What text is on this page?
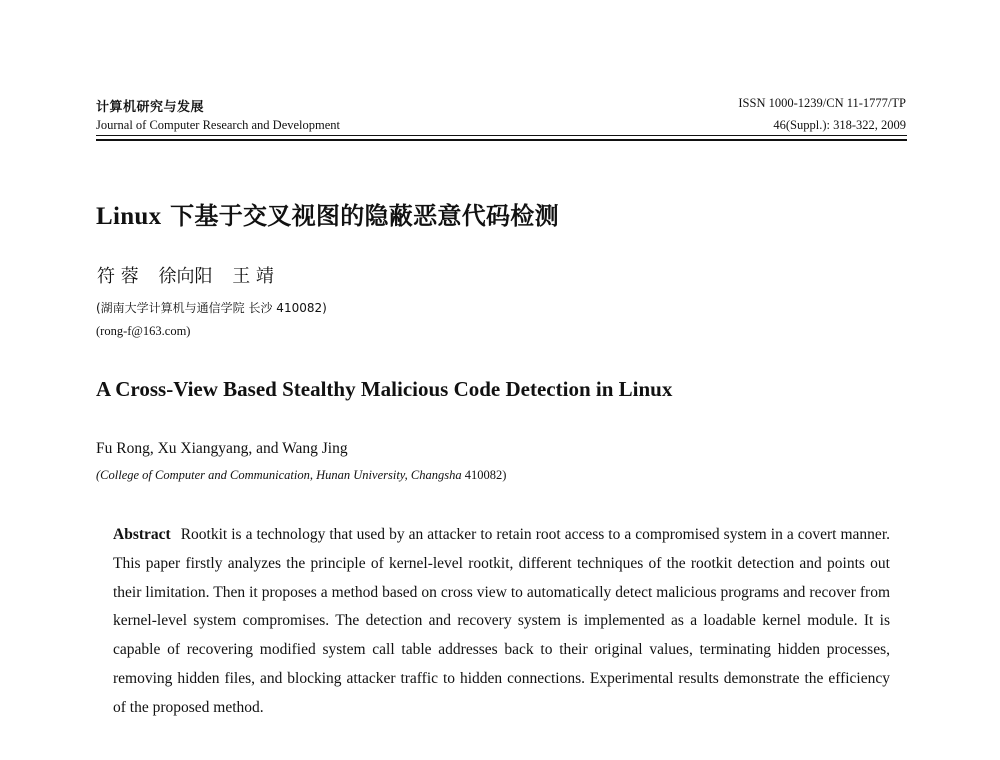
计算机研究与发展
Journal of Computer Research and Development
ISSN 1000-1239/CN 11-1777/TP
46(Suppl.): 318-322, 2009
Linux 下基于交叉视图的隐蔽恶意代码检测
符 蓉 徐向阳 王 靖
(湖南大学计算机与通信学院 长沙 410082)
(rong-f@163.com)
A Cross-View Based Stealthy Malicious Code Detection in Linux
Fu Rong, Xu Xiangyang, and Wang Jing
(College of Computer and Communication, Hunan University, Changsha 410082)

Abstract Rootkit is a technology that used by an attacker to retain root access to a compromised system in a covert manner. This paper firstly analyzes the principle of kernel-level rootkit, different techniques of the rootkit detection and points out their limitation. Then it proposes a method based on cross view to automatically detect malicious programs and recover from kernel-level system compromises. The detection and recovery system is implemented as a loadable kernel module. It is capable of recovering modified system call table addresses back to their original values, terminating hidden processes, removing hidden files, and blocking attacker traffic to hidden connections. Experimental results demonstrate the efficiency of the proposed method.
